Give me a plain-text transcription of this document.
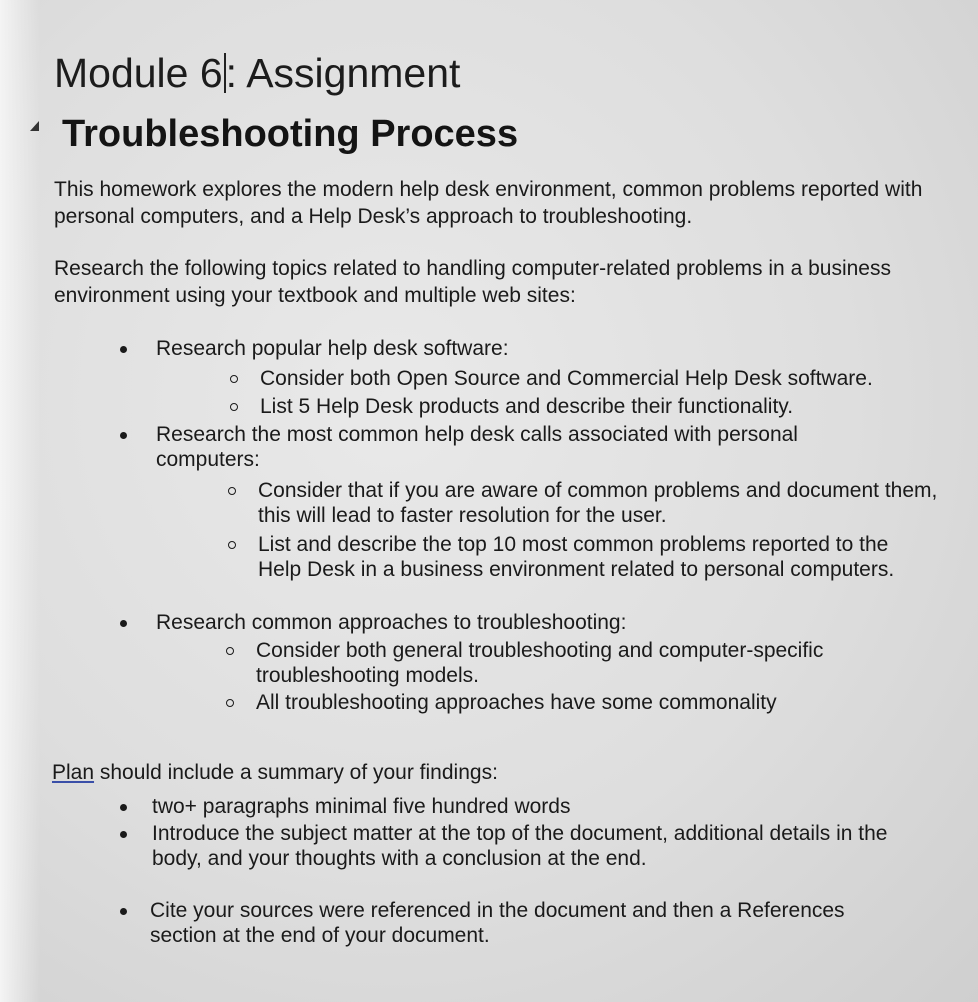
Module 6: Assignment
Troubleshooting Process

This homework explores the modern help desk environment, common problems reported with personal computers, and a Help Desk’s approach to troubleshooting.

Research the following topics related to handling computer-related problems in a business environment using your textbook and multiple web sites:

Research popular help desk software:
Consider both Open Source and Commercial Help Desk software.
List 5 Help Desk products and describe their functionality.
Research the most common help desk calls associated with personal computers:
Consider that if you are aware of common problems and document them, this will lead to faster resolution for the user.
List and describe the top 10 most common problems reported to the Help Desk in a business environment related to personal computers.
Research common approaches to troubleshooting:
Consider both general troubleshooting and computer-specific troubleshooting models.
All troubleshooting approaches have some commonality

Plan should include a summary of your findings:

two+ paragraphs minimal five hundred words
Introduce the subject matter at the top of the document, additional details in the body, and your thoughts with a conclusion at the end.
Cite your sources were referenced in the document and then a References section at the end of your document.
